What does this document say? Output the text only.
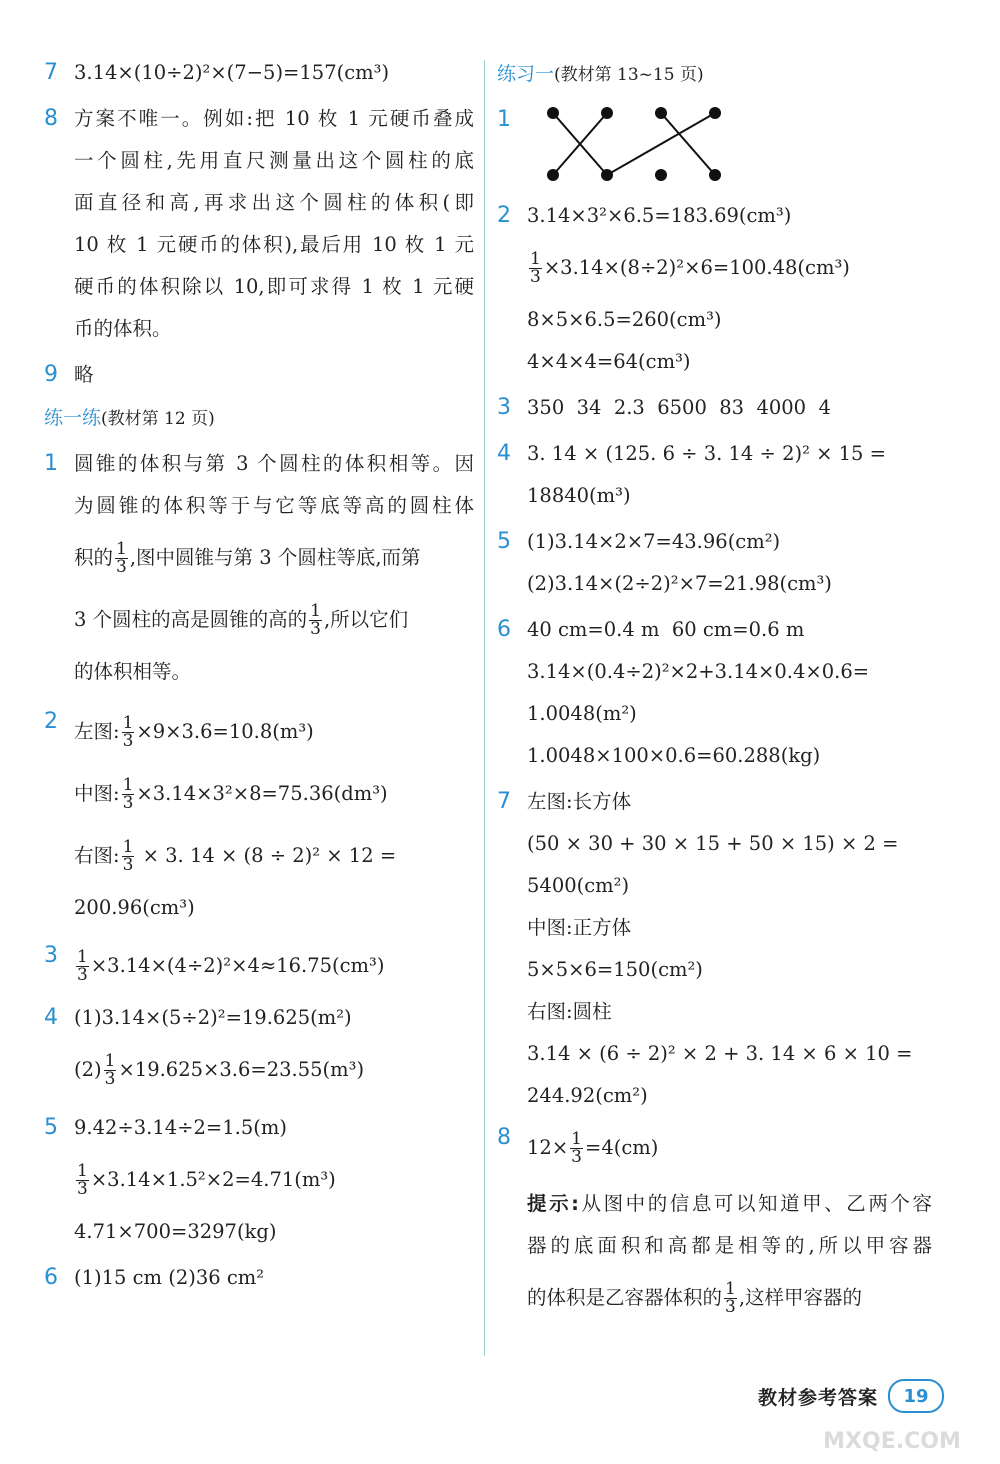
7 3.14×(10÷2)²×(7−5)=157(cm³)
8 方案不唯一。例如:把 10 枚 1 元硬币叠成
一个圆柱,先用直尺测量出这个圆柱的底
面直径和高,再求出这个圆柱的体积(即
10 枚 1 元硬币的体积),最后用 10 枚 1 元
硬币的体积除以 10,即可求得 1 枚 1 元硬
币的体积。
9 略
练一练(教材第 12 页)
1 圆锥的体积与第 3 个圆柱的体积相等。因
为圆锥的体积等于与它等底等高的圆柱体
积的 $\frac{1}{3}$ ,图中圆锥与第 3 个圆柱等底,而第
3 个圆柱的高是圆锥的高的 $\frac{1}{3}$ ,所以它们
的体积相等。
2 左图: $\frac{1}{3} \times 9\times 3.6=10.8(m^3)$
中图: $\frac{1}{3} \times 3.14\times 3^2\times 8=75.36(dm^3)$
右图: $\frac{1}{3} \times 3$. 14 × (8 ÷ 2)² × 12 =
200.96(cm³)
$3 \frac{1}{3} \times 3.14\times(4\div 2)^2\times 4\approx 16.75(cm^3)$
4 (1)3.14×(5÷2)²=19.625(m²)
$(2) \frac{1}{3} \times 19.625\times 3.6=23.55(m^3)$
5 9.42÷3.14÷2=1.5(m)
$\frac{1}{3} \times 3.14\times 1.5^2\times 2=4.71(m^3)$
4.71×700=3297(kg)
6 (1)15 cm (2)36 cm²
练习一(教材第 13~15 页)
1
2 3.14×3²×6.5=183.69(cm³)
$\frac{1}{3} \times 3.14\times(8\div 2)^2\times 6=100.48(cm^3)$
8×5×6.5=260(cm³)
4×4×4=64(cm³)
3 350  34  2.3  6500  83  4000  4
4 3. 14 × (125. 6 ÷ 3. 14 ÷ 2)² × 15 =
18840(m³)
5 (1)3.14×2×7=43.96(cm²)
(2)3.14×(2÷2)²×7=21.98(cm³)
6 40 cm=0.4 m  60 cm=0.6 m
3.14×(0.4÷2)²×2+3.14×0.4×0.6=
1.0048(m²)
1.0048×100×0.6=60.288(kg)
7 左图:长方体
(50 × 30 + 30 × 15 + 50 × 15) × 2 =
5400(cm²)
中图:正方体
5×5×6=150(cm²)
右图:圆柱
3.14 × (6 ÷ 2)² × 2 + 3. 14 × 6 × 10 =
244.92(cm²)
8 $12\times \frac{1}{3} =4(cm)$
提示:从图中的信息可以知道甲、乙两个容
器的底面积和高都是相等的,所以甲容器
的体积是乙容器体积的 $\frac{1}{3}$ ,这样甲容器的
教材参考答案	19
MXQE.COM
